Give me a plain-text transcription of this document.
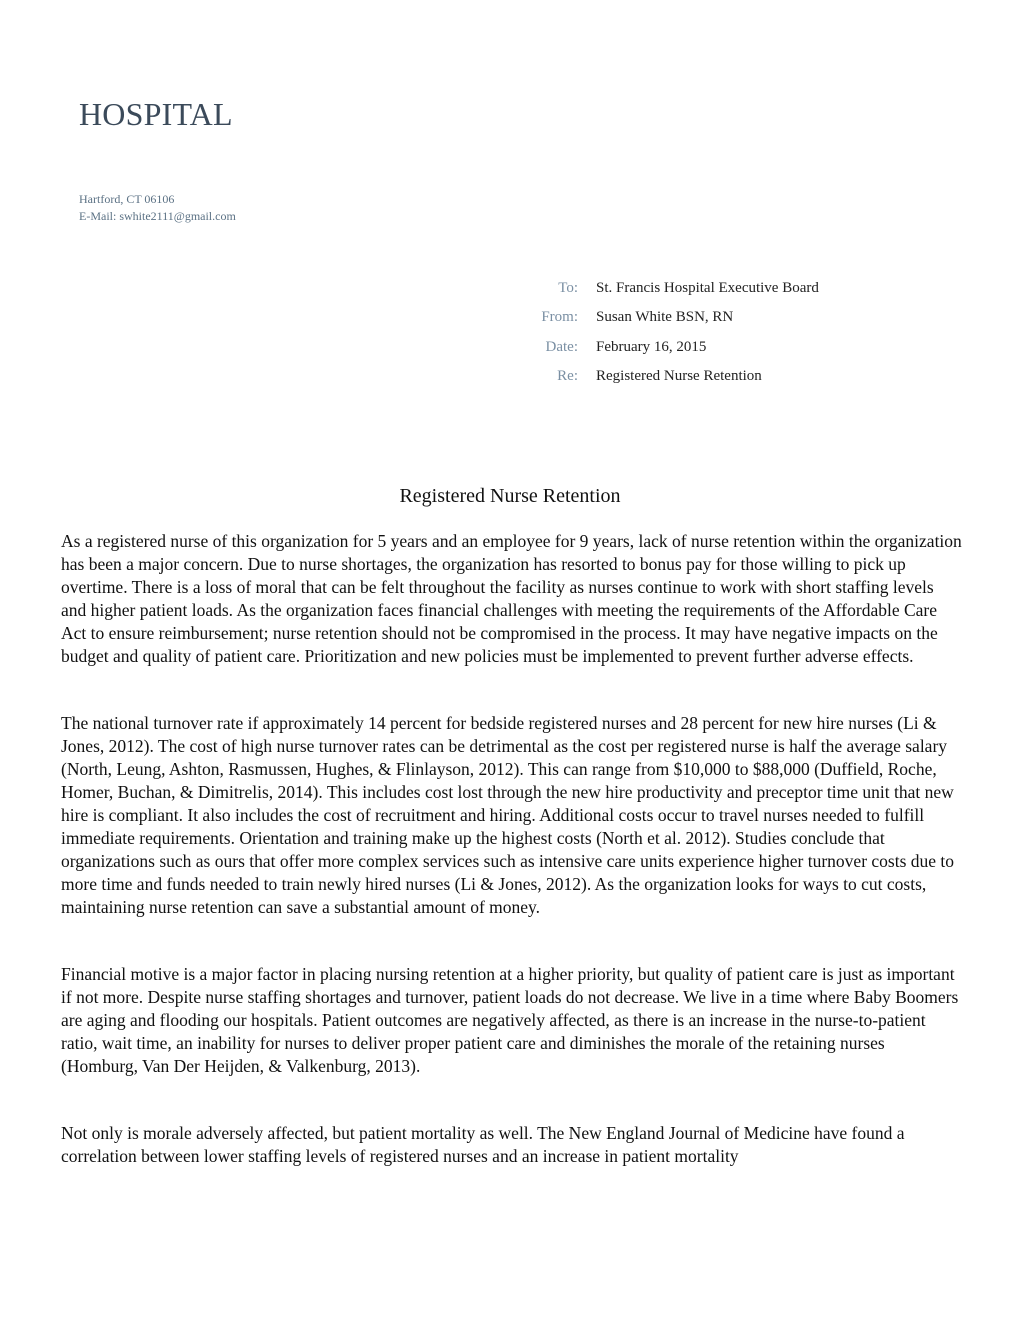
HOSPITAL
Hartford, CT 06106
E-Mail: swhite2111@gmail.com
To: St. Francis Hospital Executive Board
From: Susan White BSN, RN
Date: February 16, 2015
Re: Registered Nurse Retention
Registered Nurse Retention

As a registered nurse of this organization for 5 years and an employee for 9 years, lack of nurse retention within the organization has been a major concern. Due to nurse shortages, the organization has resorted to bonus pay for those willing to pick up overtime. There is a loss of moral that can be felt throughout the facility as nurses continue to work with short staffing levels and higher patient loads. As the organization faces financial challenges with meeting the requirements of the Affordable Care Act to ensure reimbursement; nurse retention should not be compromised in the process. It may have negative impacts on the budget and quality of patient care. Prioritization and new policies must be implemented to prevent further adverse effects.

The national turnover rate if approximately 14 percent for bedside registered nurses and 28 percent for new hire nurses (Li & Jones, 2012). The cost of high nurse turnover rates can be detrimental as the cost per registered nurse is half the average salary (North, Leung, Ashton, Rasmussen, Hughes, & Flinlayson, 2012). This can range from $10,000 to $88,000 (Duffield, Roche, Homer, Buchan, & Dimitrelis, 2014). This includes cost lost through the new hire productivity and preceptor time unit that new hire is compliant. It also includes the cost of recruitment and hiring. Additional costs occur to travel nurses needed to fulfill immediate requirements. Orientation and training make up the highest costs (North et al. 2012). Studies conclude that organizations such as ours that offer more complex services such as intensive care units experience higher turnover costs due to more time and funds needed to train newly hired nurses (Li & Jones, 2012). As the organization looks for ways to cut costs, maintaining nurse retention can save a substantial amount of money.

Financial motive is a major factor in placing nursing retention at a higher priority, but quality of patient care is just as important if not more. Despite nurse staffing shortages and turnover, patient loads do not decrease. We live in a time where Baby Boomers are aging and flooding our hospitals. Patient outcomes are negatively affected, as there is an increase in the nurse-to-patient ratio, wait time, an inability for nurses to deliver proper patient care and diminishes the morale of the retaining nurses (Homburg, Van Der Heijden, & Valkenburg, 2013).

Not only is morale adversely affected, but patient mortality as well. The New England Journal of Medicine have found a correlation between lower staffing levels of registered nurses and an increase in patient mortality
